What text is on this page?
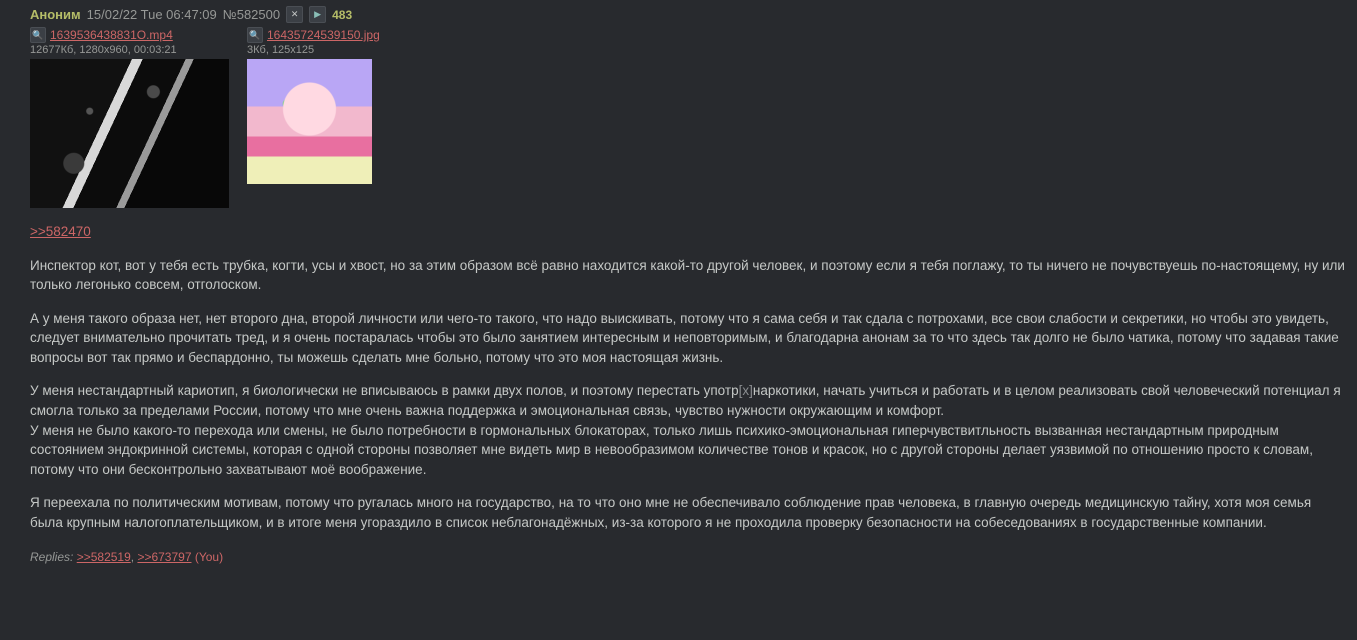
Аноним 15/02/22 Tue 06:47:09 №582500	✕	▶ 483
🔍 1639536438831O.mp4
12677Кб, 1280x960, 00:03:21
🔍 16435724539150.jpg
3Кб, 125x125

>>582470

Инспектор кот, вот у тебя есть трубка, когти, усы и хвост, но за этим образом всё равно находится какой-то другой человек, и поэтому если я тебя поглажу, то ты ничего не почувствуешь по-настоящему, ну или только легонько совсем, отголоском.

А у меня такого образа нет, нет второго дна, второй личности или чего-то такого, что надо выискивать, потому что я сама себя и так сдала с потрохами, все свои слабости и секретики, но чтобы это увидеть, следует внимательно прочитать тред, и я очень постаралась чтобы это было занятием интересным и неповторимым, и благодарна анонам за то что здесь так долго не было чатика, потому что задавая такие вопросы вот так прямо и беспардонно, ты можешь сделать мне больно, потому что это моя настоящая жизнь.

У меня нестандартный кариотип, я биологически не вписываюсь в рамки двух полов, и поэтому перестать употр[x]наркотики, начать учиться и работать и в целом реализовать свой человеческий потенциал я смогла только за пределами России, потому что мне очень важна поддержка и эмоциональная связь, чувство нужности окружающим и комфорт.

У меня не было какого-то перехода или смены, не было потребности в гормональных блокаторах, только лишь психико-эмоциональная гиперчувствитльность вызванная нестандартным природным состоянием эндокринной системы, которая с одной стороны позволяет мне видеть мир в невообразимом количестве тонов и красок, но с другой стороны делает уязвимой по отношению просто к словам, потому что они бесконтрольно захватывают моё воображение.

Я переехала по политическим мотивам, потому что ругалась много на государство, на то что оно мне не обеспечивало соблюдение прав человека, в главную очередь медицинскую тайну, хотя моя семья была крупным налогоплательщиком, и в итоге меня угораздило в список неблагонадёжных, из-за которого я не проходила проверку безопасности на собеседованиях в государственные компании.

Replies: >>582519, >>673797 (You)
